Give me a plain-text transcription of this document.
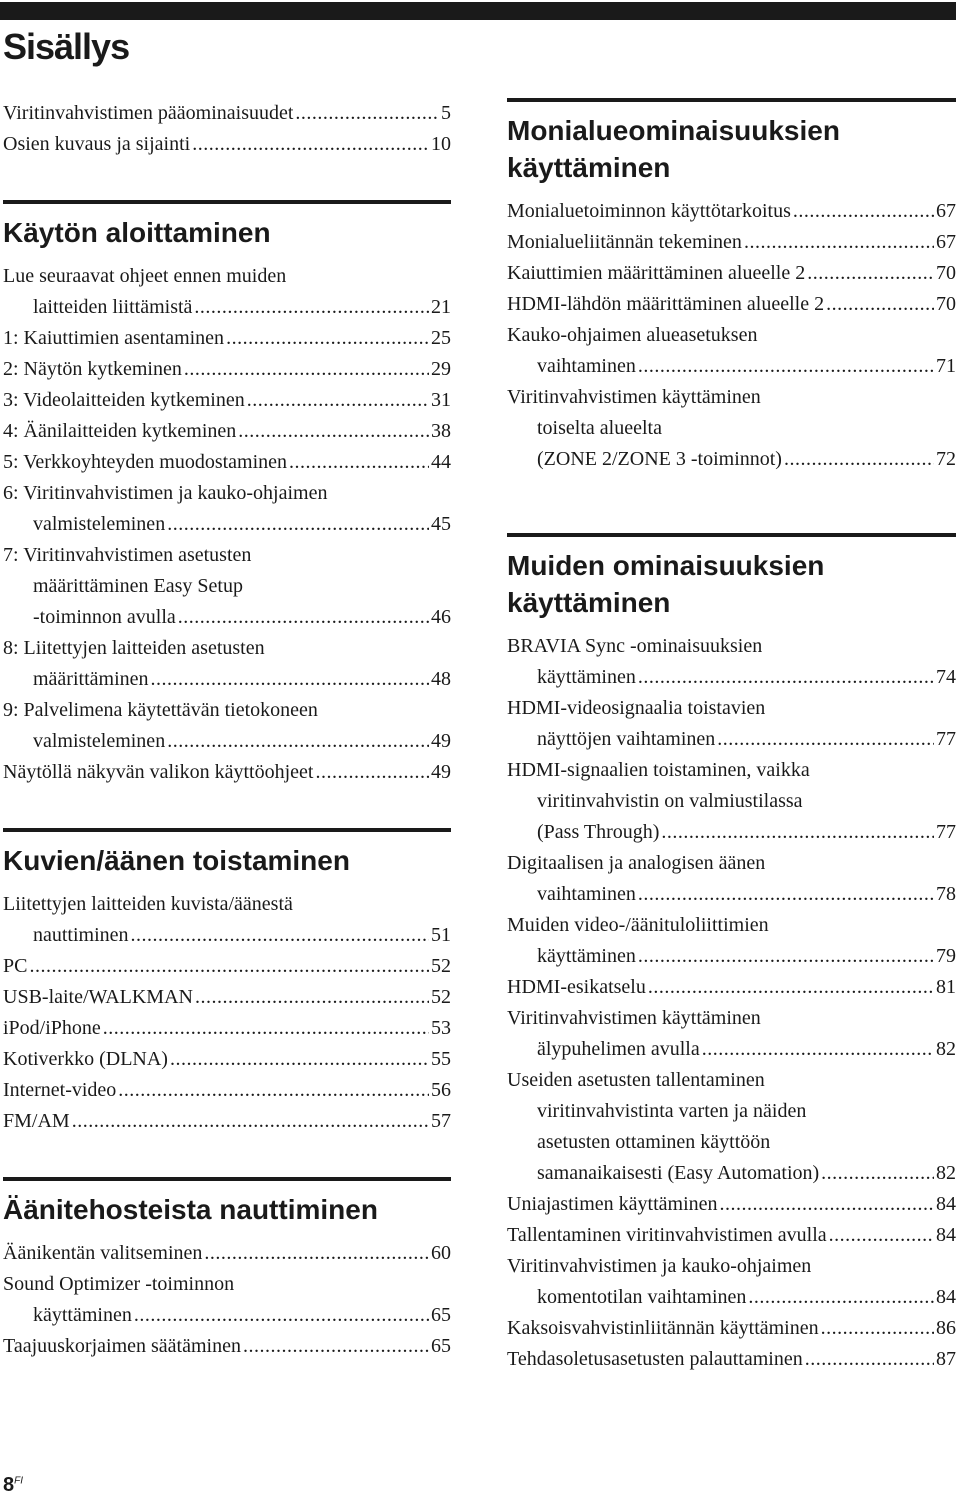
Sisällys
Viritinvahvistimen pääominaisuudet .....	5
Osien kuvaus ja sijainti .....	10
Käytön aloittaminen
Lue seuraavat ohjeet ennen muiden
laitteiden liittämistä .....	21
1: Kaiuttimien asentaminen .....	25
2: Näytön kytkeminen .....	29
3: Videolaitteiden kytkeminen .....	31
4: Äänilaitteiden kytkeminen .....	38
5: Verkkoyhteyden muodostaminen .....	44
6: Viritinvahvistimen ja kauko-ohjaimen
valmisteleminen .....	45
7: Viritinvahvistimen asetusten
määrittäminen Easy Setup
-toiminnon avulla .....	46
8: Liitettyjen laitteiden asetusten
määrittäminen .....	48
9: Palvelimena käytettävän tietokoneen
valmisteleminen .....	49
Näytöllä näkyvän valikon käyttöohjeet .....	49
Kuvien/äänen toistaminen
Liitettyjen laitteiden kuvista/äänestä
nauttiminen .....	51
PC .....	52
USB-laite/WALKMAN .....	52
iPod/iPhone .....	53
Kotiverkko (DLNA) .....	55
Internet-video .....	56
FM/AM .....	57
Äänitehosteista nauttiminen
Äänikentän valitseminen .....	60
Sound Optimizer -toiminnon
käyttäminen .....	65
Taajuuskorjaimen säätäminen .....	65
Monialueominaisuuksien
käyttäminen
Monialuetoiminnon käyttötarkoitus .....	67
Monialueliitännän tekeminen .....	67
Kaiuttimien määrittäminen alueelle 2 .....	70
HDMI-lähdön määrittäminen alueelle 2 .....	70
Kauko-ohjaimen alueasetuksen
vaihtaminen .....	71
Viritinvahvistimen käyttäminen
toiselta alueelta
(ZONE 2/ZONE 3 -toiminnot) .....	72
Muiden ominaisuuksien
käyttäminen
BRAVIA Sync -ominaisuuksien
käyttäminen .....	74
HDMI-videosignaalia toistavien
näyttöjen vaihtaminen .....	77
HDMI-signaalien toistaminen, vaikka
viritinvahvistin on valmiustilassa
(Pass Through) .....	77
Digitaalisen ja analogisen äänen
vaihtaminen .....	78
Muiden video-/äänituloliittimien
käyttäminen .....	79
HDMI-esikatselu .....	81
Viritinvahvistimen käyttäminen
älypuhelimen avulla .....	82
Useiden asetusten tallentaminen
viritinvahvistinta varten ja näiden
asetusten ottaminen käyttöön
samanaikaisesti (Easy Automation) .....	82
Uniajastimen käyttäminen .....	84
Tallentaminen viritinvahvistimen avulla .....	84
Viritinvahvistimen ja kauko-ohjaimen
komentotilan vaihtaminen .....	84
Kaksoisvahvistinliitännän käyttäminen .....	86
Tehdasoletusasetusten palauttaminen .....	87
$8^{FI}$
